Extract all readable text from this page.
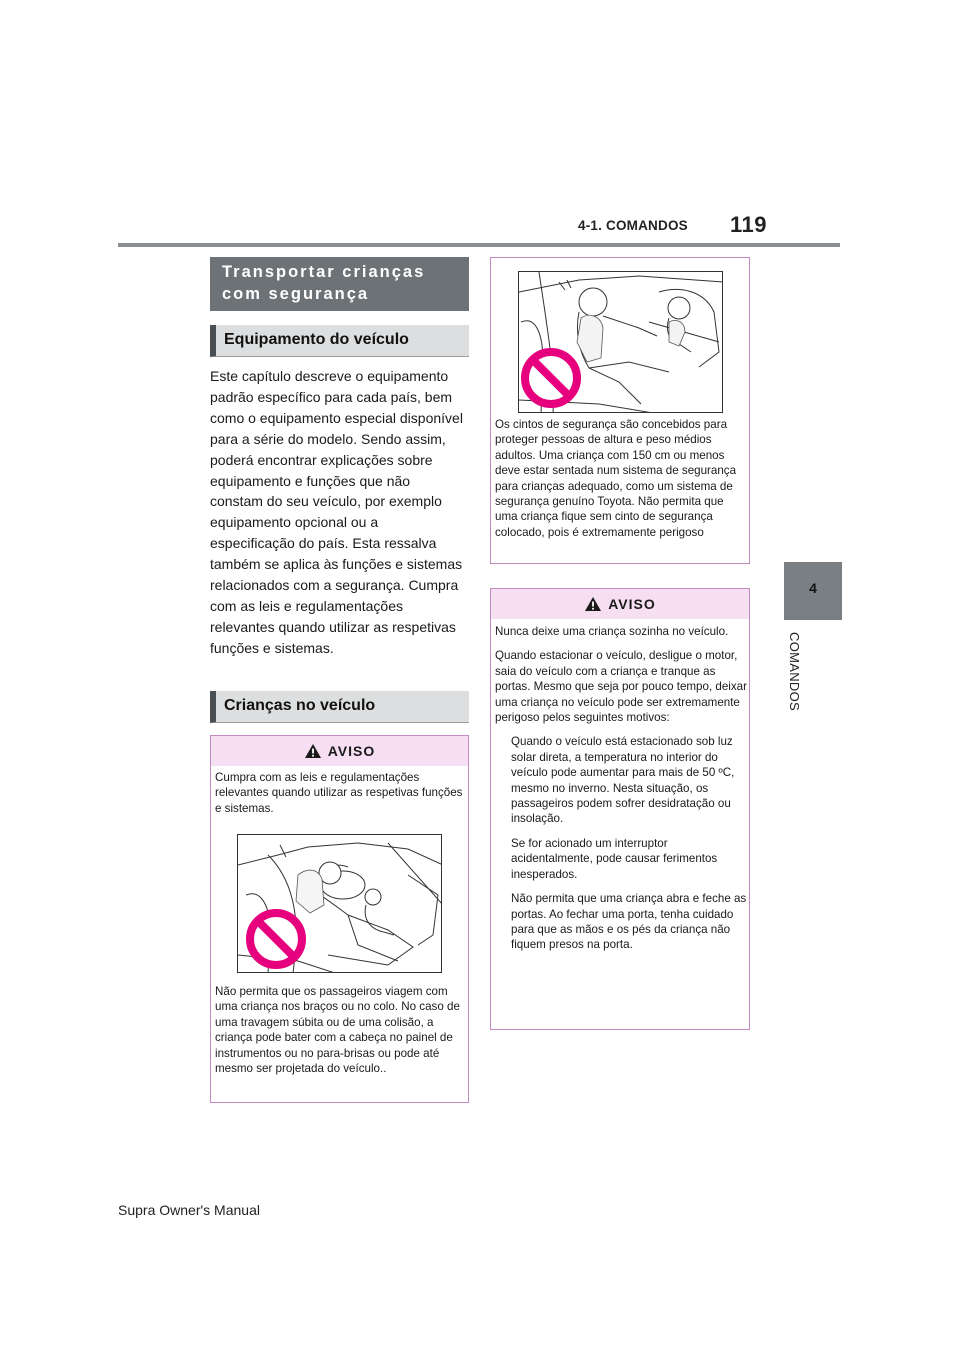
4-1. COMANDOS 119
4
COMANDOS
Transportar crianças com segurança
Equipamento do veículo
Este capítulo descreve o equipamento padrão específico para cada país, bem como o equipamento especial disponível para a série do modelo. Sendo assim, poderá encontrar explicações sobre equipamento e funções que não constam do seu veículo, por exemplo equipamento opcional ou a especificação do país. Esta ressalva também se aplica às funções e sistemas relacionados com a segurança. Cumpra com as leis e regulamentações relevantes quando utilizar as respetivas funções e sistemas.
Crianças no veículo
AVISO
Cumpra com as leis e regulamentações relevantes quando utilizar as respetivas funções e sistemas.
Não permita que os passageiros viagem com uma criança nos braços ou no colo. No caso de uma travagem súbita ou de uma colisão, a criança pode bater com a cabeça no painel de instrumentos ou no para-brisas ou pode até mesmo ser projetada do veículo..
Os cintos de segurança são concebidos para proteger pessoas de altura e peso médios adultos. Uma criança com 150 cm ou menos deve estar sentada num sistema de segurança para crianças adequado, como um sistema de segurança genuíno Toyota. Não permita que uma criança fique sem cinto de segurança colocado, pois é extremamente perigoso
AVISO

Nunca deixe uma criança sozinha no veículo.

Quando estacionar o veículo, desligue o motor, saia do veículo com a criança e tranque as portas. Mesmo que seja por pouco tempo, deixar uma criança no veículo pode ser extremamente perigoso pelos seguintes motivos:

Quando o veículo está estacionado sob luz solar direta, a temperatura no interior do veículo pode aumentar para mais de 50 ºC, mesmo no inverno. Nesta situação, os passageiros podem sofrer desidratação ou insolação.

Se for acionado um interruptor acidentalmente, pode causar ferimentos inesperados.

Não permita que uma criança abra e feche as portas. Ao fechar uma porta, tenha cuidado para que as mãos e os pés da criança não fiquem presos na porta.

Supra Owner's Manual
